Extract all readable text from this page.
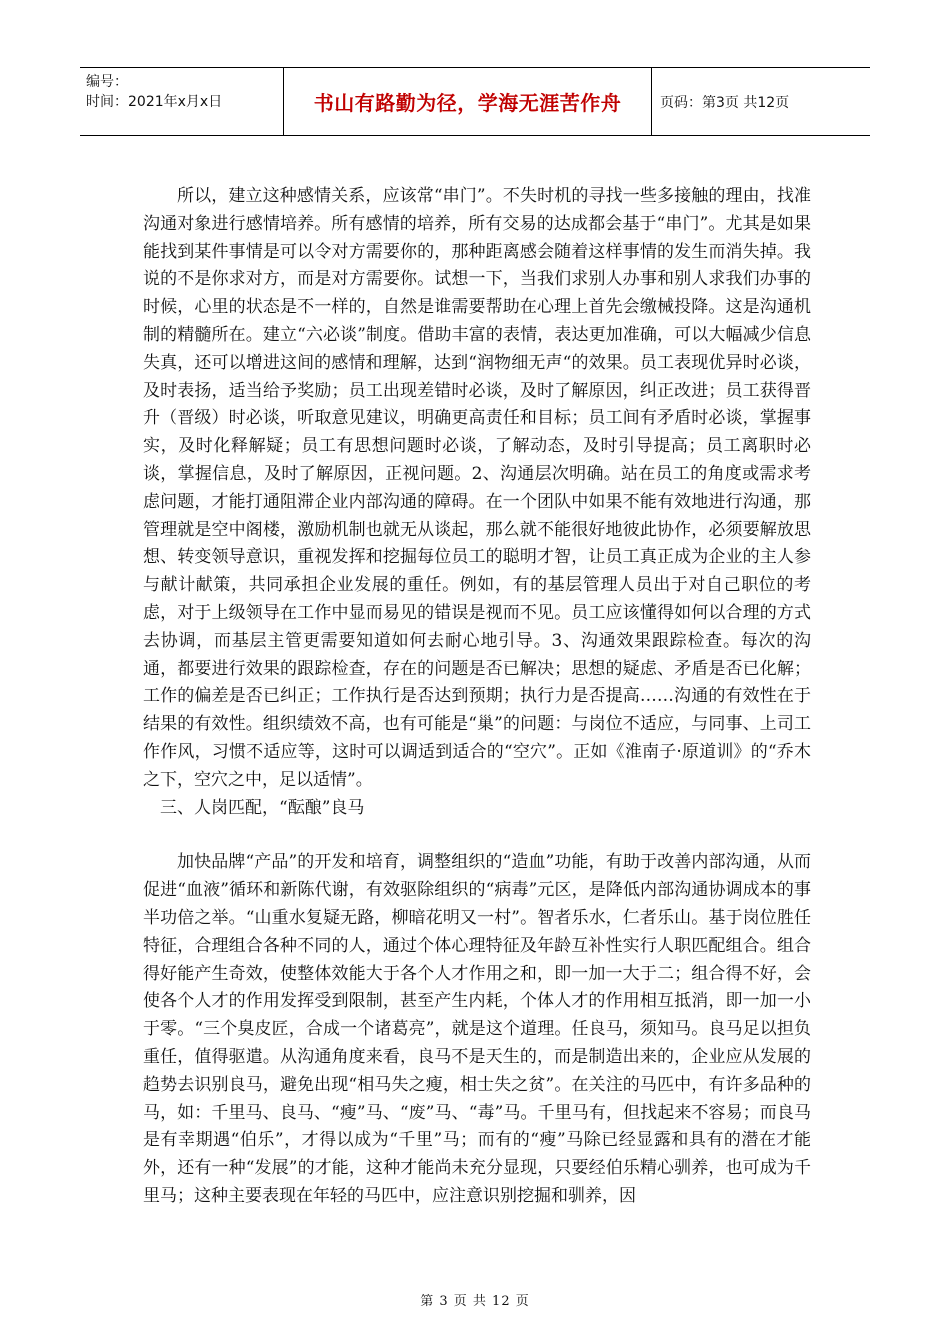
编号：
时间：2021年x月x日	书山有路勤为径，学海无涯苦作舟	页码：第3页 共12页

所以，建立这种感情关系，应该常“串门”。不失时机的寻找一些多接触的理由，找准沟通对象进行感情培养。所有感情的培养，所有交易的达成都会基于“串门”。尤其是如果能找到某件事情是可以令对方需要你的，那种距离感会随着这样事情的发生而消失掉。我说的不是你求对方，而是对方需要你。试想一下，当我们求别人办事和别人求我们办事的时候，心里的状态是不一样的，自然是谁需要帮助在心理上首先会缴械投降。这是沟通机制的精髓所在。建立“六必谈”制度。借助丰富的表情，表达更加准确，可以大幅减少信息失真，还可以增进这间的感情和理解，达到“润物细无声“的效果。员工表现优异时必谈，及时表扬，适当给予奖励；员工出现差错时必谈，及时了解原因，纠正改进；员工获得晋升（晋级）时必谈，听取意见建议，明确更高责任和目标；员工间有矛盾时必谈，掌握事实，及时化释解疑；员工有思想问题时必谈，了解动态，及时引导提高；员工离职时必谈，掌握信息，及时了解原因，正视问题。2、沟通层次明确。站在员工的角度或需求考虑问题，才能打通阻滞企业内部沟通的障碍。在一个团队中如果不能有效地进行沟通，那管理就是空中阁楼，激励机制也就无从谈起，那么就不能很好地彼此协作，必须要解放思想、转变领导意识，重视发挥和挖掘每位员工的聪明才智，让员工真正成为企业的主人参与献计献策，共同承担企业发展的重任。例如，有的基层管理人员出于对自己职位的考虑，对于上级领导在工作中显而易见的错误是视而不见。员工应该懂得如何以合理的方式去协调，而基层主管更需要知道如何去耐心地引导。3、沟通效果跟踪检查。每次的沟通，都要进行效果的跟踪检查，存在的问题是否已解决；思想的疑虑、矛盾是否已化解；工作的偏差是否已纠正；工作执行是否达到预期；执行力是否提高……沟通的有效性在于结果的有效性。组织绩效不高，也有可能是“巢”的问题：与岗位不适应，与同事、上司工作作风，习惯不适应等，这时可以调适到适合的“空穴”。正如《淮南子·原道训》的“乔木之下，空穴之中，足以适情”。

三、人岗匹配，“酝酿”良马

加快品牌“产品”的开发和培育，调整组织的“造血”功能，有助于改善内部沟通，从而促进“血液”循环和新陈代谢，有效驱除组织的“病毒”元区，是降低内部沟通协调成本的事半功倍之举。“山重水复疑无路，柳暗花明又一村”。智者乐水，仁者乐山。基于岗位胜任特征，合理组合各种不同的人，通过个体心理特征及年龄互补性实行人职匹配组合。组合得好能产生奇效，使整体效能大于各个人才作用之和，即一加一大于二；组合得不好，会使各个人才的作用发挥受到限制，甚至产生内耗，个体人才的作用相互抵消，即一加一小于零。“三个臭皮匠，合成一个诸葛亮”，就是这个道理。任良马，须知马。良马足以担负重任，值得驱遣。从沟通角度来看，良马不是天生的，而是制造出来的，企业应从发展的趋势去识别良马，避免出现“相马失之瘦，相士失之贫”。在关注的马匹中，有许多品种的马，如：千里马、良马、“瘦”马、“废”马、“毒”马。千里马有，但找起来不容易；而良马是有幸期遇“伯乐”，才得以成为“千里”马；而有的“瘦”马除已经显露和具有的潜在才能外，还有一种“发展”的才能，这种才能尚未充分显现，只要经伯乐精心驯养，也可成为千里马；这种主要表现在年轻的马匹中，应注意识别挖掘和驯养，因

第 3 页 共 12 页
